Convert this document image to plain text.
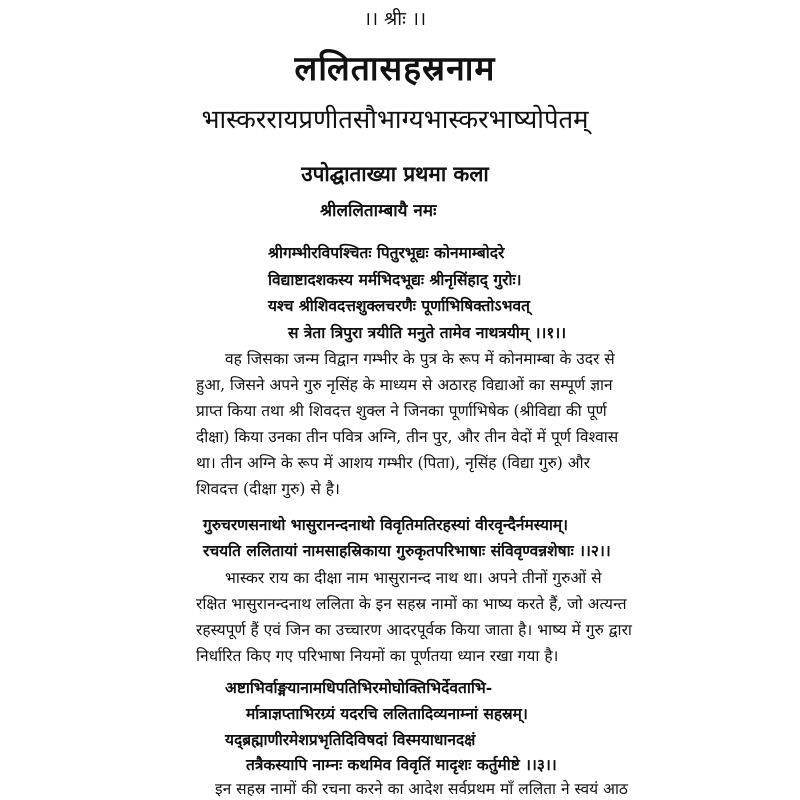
।। श्रीः ।।
ललितासहस्रनाम
भास्कररायप्रणीतसौभाग्यभास्करभाष्योपेतम्
उपोद्घाताख्या प्रथमा कला
श्रीललिताम्बायै नमः
श्रीगम्भीरविपश्चितः पितुरभूद्यः कोनमाम्बोदरे
विद्याष्टादशकस्य मर्मभिदभूद्यः श्रीनृसिंहाद् गुरोः।
यश्च श्रीशिवदत्तशुक्लचरणैः पूर्णाभिषिक्तोऽभवत्
स त्रेता त्रिपुरा त्रयीति मनुते तामेव नाथत्रयीम् ।।१।।
वह जिसका जन्म विद्वान गम्भीर के पुत्र के रूप में कोनमाम्बा के उदर से
हुआ, जिसने अपने गुरु नृसिंह के माध्यम से अठारह विद्याओं का सम्पूर्ण ज्ञान
प्राप्त किया तथा श्री शिवदत्त शुक्ल ने जिनका पूर्णाभिषेक (श्रीविद्या की पूर्ण
दीक्षा) किया उनका तीन पवित्र अग्नि, तीन पुर, और तीन वेदों में पूर्ण विश्वास
था। तीन अग्नि के रूप में आशय गम्भीर (पिता), नृसिंह (विद्या गुरु) और
शिवदत्त (दीक्षा गुरु) से है।
गुरुचरणसनाथो भासुरानन्दनाथो विवृतिमतिरहस्यां वीरवृन्दैर्नमस्याम्।
रचयति ललितायां नामसाहस्रिकाया गुरुकृतपरिभाषाः संविवृण्वन्नशेषाः ।।२।।
भास्कर राय का दीक्षा नाम भासुरानन्द नाथ था। अपने तीनों गुरुओं से
रक्षित भासुरानन्दनाथ ललिता के इन सहस्र नामों का भाष्य करते हैं, जो अत्यन्त
रहस्यपूर्ण हैं एवं जिन का उच्चारण आदरपूर्वक किया जाता है। भाष्य में गुरु द्वारा
निर्धारित किए गए परिभाषा नियमों का पूर्णतया ध्यान रखा गया है।
अष्टाभिर्वाङ्मयानामधिपतिभिरमोघोक्तिभिर्देवताभि-
र्मात्राज्ञप्ताभिरग्र्यं यदरचि ललितादिव्यनाम्नां सहस्रम्।
यद्ब्रह्माणीरमेशप्रभृतिदिविषदां विस्मयाधानदक्षं
तत्रैकस्यापि नाम्नः कथमिव विवृतिं मादृशः कर्तुमीष्टे ।।३।।
इन सहस्र नामों की रचना करने का आदेश सर्वप्रथम माँ ललिता ने स्वयं आठ
